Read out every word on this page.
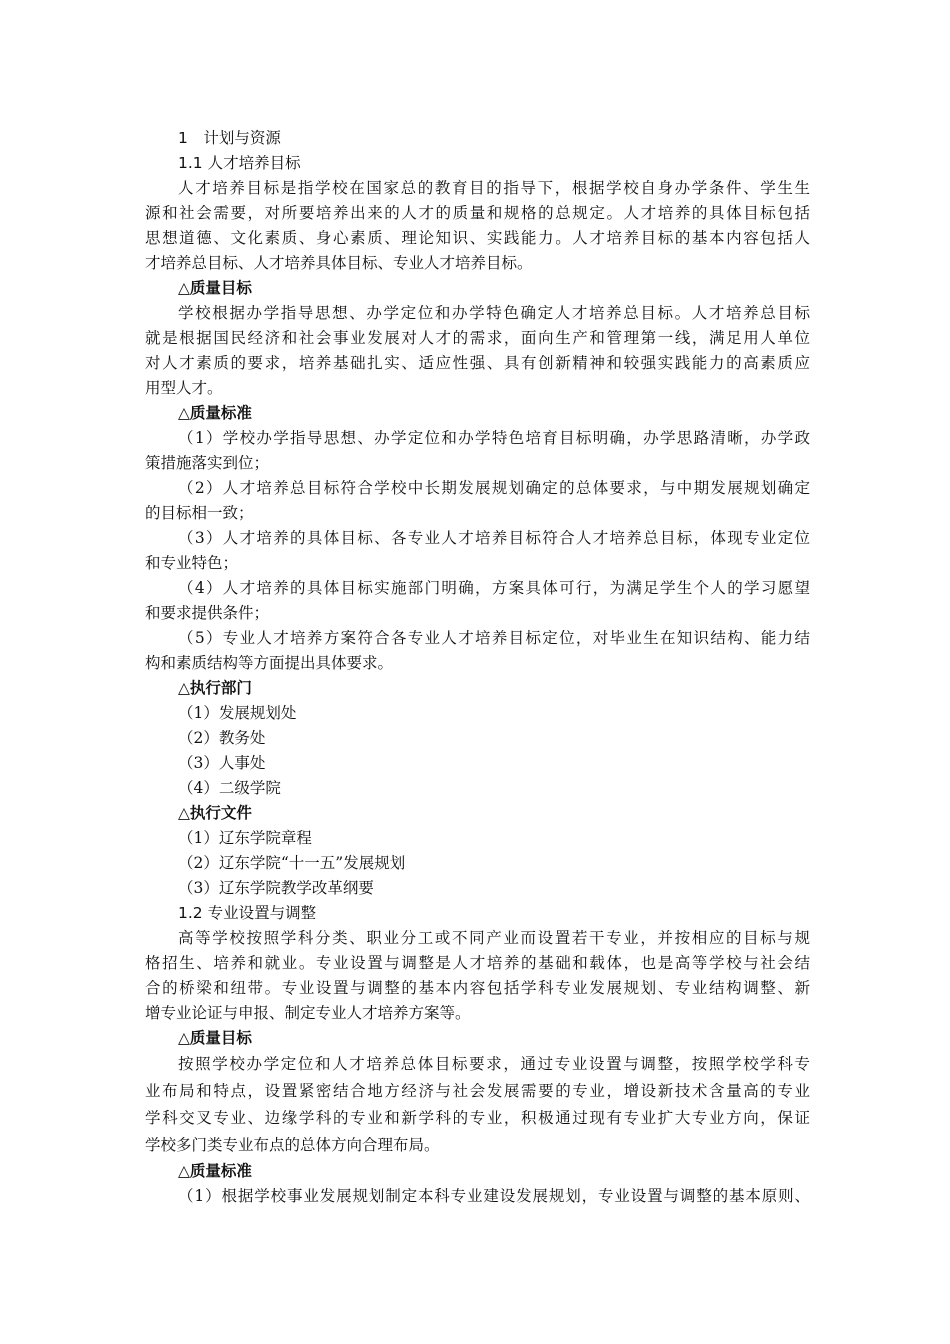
1　计划与资源
1.1 人才培养目标
人才培养目标是指学校在国家总的教育目的指导下，根据学校自身办学条件、学生生
源和社会需要，对所要培养出来的人才的质量和规格的总规定。人才培养的具体目标包括
思想道德、文化素质、身心素质、理论知识、实践能力。人才培养目标的基本内容包括人
才培养总目标、人才培养具体目标、专业人才培养目标。
△质量目标
学校根据办学指导思想、办学定位和办学特色确定人才培养总目标。人才培养总目标
就是根据国民经济和社会事业发展对人才的需求，面向生产和管理第一线，满足用人单位
对人才素质的要求，培养基础扎实、适应性强、具有创新精神和较强实践能力的高素质应
用型人才。
△质量标准
（1）学校办学指导思想、办学定位和办学特色培育目标明确，办学思路清晰，办学政
策措施落实到位；
（2）人才培养总目标符合学校中长期发展规划确定的总体要求，与中期发展规划确定
的目标相一致；
（3）人才培养的具体目标、各专业人才培养目标符合人才培养总目标，体现专业定位
和专业特色；
（4）人才培养的具体目标实施部门明确，方案具体可行，为满足学生个人的学习愿望
和要求提供条件；
（5）专业人才培养方案符合各专业人才培养目标定位，对毕业生在知识结构、能力结
构和素质结构等方面提出具体要求。
△执行部门
（1）发展规划处
（2）教务处
（3）人事处
（4）二级学院
△执行文件
（1）辽东学院章程
（2）辽东学院“十一五”发展规划
（3）辽东学院教学改革纲要
1.2 专业设置与调整
高等学校按照学科分类、职业分工或不同产业而设置若干专业，并按相应的目标与规
格招生、培养和就业。专业设置与调整是人才培养的基础和载体，也是高等学校与社会结
合的桥梁和纽带。专业设置与调整的基本内容包括学科专业发展规划、专业结构调整、新
增专业论证与申报、制定专业人才培养方案等。
△质量目标
按照学校办学定位和人才培养总体目标要求，通过专业设置与调整，按照学校学科专
业布局和特点，设置紧密结合地方经济与社会发展需要的专业，增设新技术含量高的专业
学科交叉专业、边缘学科的专业和新学科的专业，积极通过现有专业扩大专业方向，保证
学校多门类专业布点的总体方向合理布局。
△质量标准
（1）根据学校事业发展规划制定本科专业建设发展规划，专业设置与调整的基本原则、
